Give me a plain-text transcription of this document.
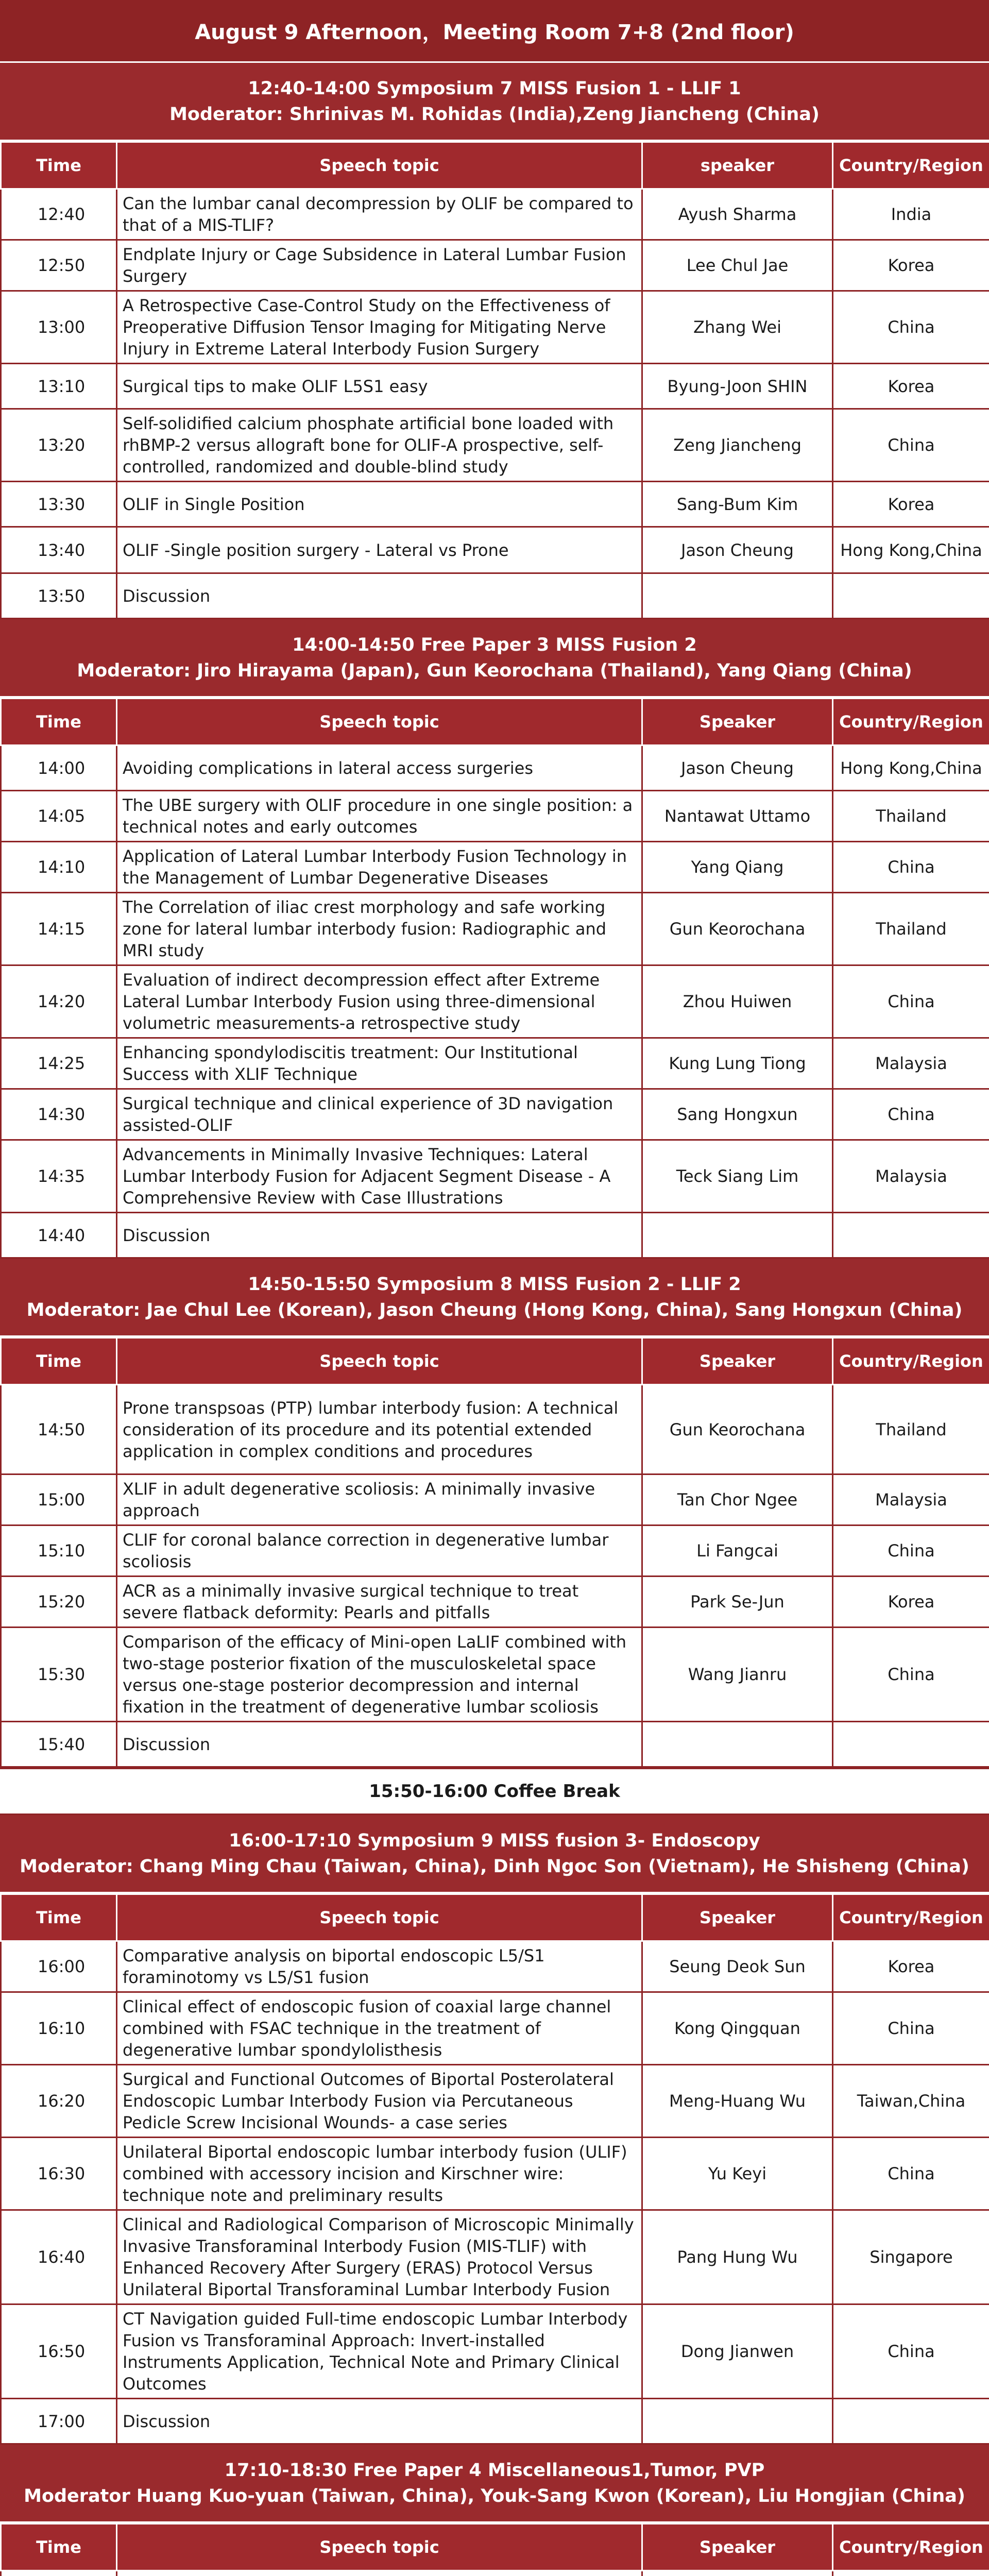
August 9 Afternoon，Meeting Room 7+8 (2nd floor)
12:40-14:00 Symposium 7 MISS Fusion 1 - LLIF 1
Moderator: Shrinivas M. Rohidas (India),Zeng Jiancheng (China)
Time	Speech topic	speaker	Country/Region
12:40	Can the lumbar canal decompression by OLIF be compared to that of a MIS-TLIF?	Ayush Sharma	India
12:50	Endplate Injury or Cage Subsidence in Lateral Lumbar Fusion Surgery	Lee Chul Jae	Korea
13:00	A Retrospective Case-Control Study on the Effectiveness of Preoperative Diffusion Tensor Imaging for Mitigating Nerve Injury in Extreme Lateral Interbody Fusion Surgery	Zhang Wei	China
13:10	Surgical tips to make OLIF L5S1 easy	Byung-Joon SHIN	Korea
13:20	Self-solidified calcium phosphate artificial bone loaded with rhBMP-2 versus allograft bone for OLIF-A prospective, self-controlled, randomized and double-blind study	Zeng Jiancheng	China
13:30	OLIF in Single Position	Sang-Bum Kim	Korea
13:40	OLIF -Single position surgery - Lateral vs Prone	Jason Cheung	Hong Kong,China
13:50	Discussion		
14:00-14:50 Free Paper 3 MISS Fusion 2
Moderator: Jiro Hirayama (Japan), Gun Keorochana (Thailand), Yang Qiang (China)
Time	Speech topic	Speaker	Country/Region
14:00	Avoiding complications in lateral access surgeries	Jason Cheung	Hong Kong,China
14:05	The UBE surgery with OLIF procedure in one single position: a technical notes and early outcomes	Nantawat Uttamo	Thailand
14:10	Application of Lateral Lumbar Interbody Fusion Technology in the Management of Lumbar Degenerative Diseases	Yang Qiang	China
14:15	The Correlation of iliac crest morphology and safe working zone for lateral lumbar interbody fusion: Radiographic and MRI study	Gun Keorochana	Thailand
14:20	Evaluation of indirect decompression effect after Extreme Lateral Lumbar Interbody Fusion using three-dimensional volumetric measurements-a retrospective study	Zhou Huiwen	China
14:25	Enhancing spondylodiscitis treatment: Our Institutional Success with XLIF Technique	Kung Lung Tiong	Malaysia
14:30	Surgical technique and clinical experience of 3D navigation assisted-OLIF	Sang Hongxun	China
14:35	Advancements in Minimally Invasive Techniques: Lateral Lumbar Interbody Fusion for Adjacent Segment Disease - A Comprehensive Review with Case Illustrations	Teck Siang Lim	Malaysia
14:40	Discussion		
14:50-15:50 Symposium 8 MISS Fusion 2 - LLIF 2
Moderator: Jae Chul Lee (Korean), Jason Cheung (Hong Kong, China), Sang Hongxun (China)
Time	Speech topic	Speaker	Country/Region
14:50	Prone transpsoas (PTP) lumbar interbody fusion: A technical consideration of its procedure and its potential extended application in complex conditions and procedures	Gun Keorochana	Thailand
15:00	XLIF in adult degenerative scoliosis: A minimally invasive approach	Tan Chor Ngee	Malaysia
15:10	CLIF for coronal balance correction in degenerative lumbar scoliosis	Li Fangcai	China
15:20	ACR as a minimally invasive surgical technique to treat severe flatback deformity: Pearls and pitfalls	Park Se-Jun	Korea
15:30	Comparison of the efficacy of Mini-open LaLIF combined with two-stage posterior fixation of the musculoskeletal space versus one-stage posterior decompression and internal fixation in the treatment of degenerative lumbar scoliosis	Wang Jianru	China
15:40	Discussion		
15:50-16:00 Coffee Break
16:00-17:10 Symposium 9 MISS fusion 3- Endoscopy
Moderator: Chang Ming Chau (Taiwan, China), Dinh Ngoc Son (Vietnam), He Shisheng (China)
Time	Speech topic	Speaker	Country/Region
16:00	Comparative analysis on biportal endoscopic L5/S1 foraminotomy vs L5/S1 fusion	Seung Deok Sun	Korea
16:10	Clinical effect of endoscopic fusion of coaxial large channel combined with FSAC technique in the treatment of degenerative lumbar spondylolisthesis	Kong Qingquan	China
16:20	Surgical and Functional Outcomes of Biportal Posterolateral Endoscopic Lumbar Interbody Fusion via Percutaneous Pedicle Screw Incisional Wounds- a case series	Meng-Huang Wu	Taiwan,China
16:30	Unilateral Biportal endoscopic lumbar interbody fusion (ULIF) combined with accessory incision and Kirschner wire: technique note and preliminary results	Yu Keyi	China
16:40	Clinical and Radiological Comparison of Microscopic Minimally Invasive Transforaminal Interbody Fusion (MIS-TLIF) with Enhanced Recovery After Surgery (ERAS) Protocol Versus Unilateral Biportal Transforaminal Lumbar Interbody Fusion	Pang Hung Wu	Singapore
16:50	CT Navigation guided Full-time endoscopic Lumbar Interbody Fusion vs Transforaminal Approach: Invert-installed Instruments Application, Technical Note and Primary Clinical Outcomes	Dong Jianwen	China
17:00	Discussion		
17:10-18:30 Free Paper 4 Miscellaneous1,Tumor, PVP
Moderator Huang Kuo-yuan (Taiwan, China), Youk-Sang Kwon (Korean), Liu Hongjian (China)
Time	Speech topic	Speaker	Country/Region
